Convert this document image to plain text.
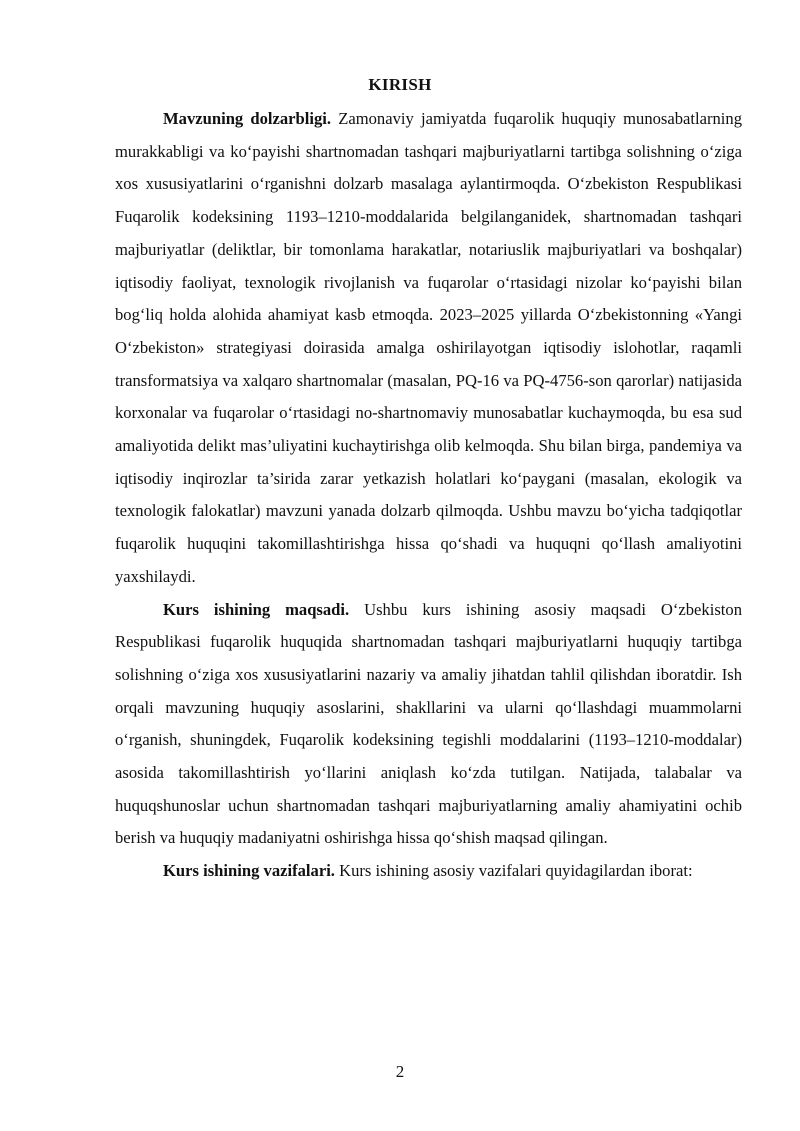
KIRISH

Mavzuning dolzarbligi. Zamonaviy jamiyatda fuqarolik huquqiy munosabatlarning murakkabligi va ko‘payishi shartnomadan tashqari majburiyatlarni tartibga solishning o‘ziga xos xususiyatlarini o‘rganishni dolzarb masalaga aylantirmoqda. O‘zbekiston Respublikasi Fuqarolik kodeksining 1193–1210-moddalarida belgilanganidek, shartnomadan tashqari majburiyatlar (deliktlar, bir tomonlama harakatlar, notariuslik majburiyatlari va boshqalar) iqtisodiy faoliyat, texnologik rivojlanish va fuqarolar o‘rtasidagi nizolar ko‘payishi bilan bog‘liq holda alohida ahamiyat kasb etmoqda. 2023–2025 yillarda O‘zbekistonning «Yangi O‘zbekiston» strategiyasi doirasida amalga oshirilayotgan iqtisodiy islohotlar, raqamli transformatsiya va xalqaro shartnomalar (masalan, PQ-16 va PQ-4756-son qarorlar) natijasida korxonalar va fuqarolar o‘rtasidagi no-shartnomaviy munosabatlar kuchaymoqda, bu esa sud amaliyotida delikt mas’uliyatini kuchaytirishga olib kelmoqda. Shu bilan birga, pandemiya va iqtisodiy inqirozlar ta’sirida zarar yetkazish holatlari ko‘paygani (masalan, ekologik va texnologik falokatlar) mavzuni yanada dolzarb qilmoqda. Ushbu mavzu bo‘yicha tadqiqotlar fuqarolik huquqini takomillashtirishga hissa qo‘shadi va huquqni qo‘llash amaliyotini yaxshilaydi.

Kurs ishining maqsadi. Ushbu kurs ishining asosiy maqsadi O‘zbekiston Respublikasi fuqarolik huquqida shartnomadan tashqari majburiyatlarni huquqiy tartibga solishning o‘ziga xos xususiyatlarini nazariy va amaliy jihatdan tahlil qilishdan iboratdir. Ish orqali mavzuning huquqiy asoslarini, shakllarini va ularni qo‘llashdagi muammolarni o‘rganish, shuningdek, Fuqarolik kodeksining tegishli moddalarini (1193–1210-moddalar) asosida takomillashtirish yo‘llarini aniqlash ko‘zda tutilgan. Natijada, talabalar va huquqshunoslar uchun shartnomadan tashqari majburiyatlarning amaliy ahamiyatini ochib berish va huquqiy madaniyatni oshirishga hissa qo‘shish maqsad qilingan.

Kurs ishining vazifalari. Kurs ishining asosiy vazifalari quyidagilardan iborat:

2
